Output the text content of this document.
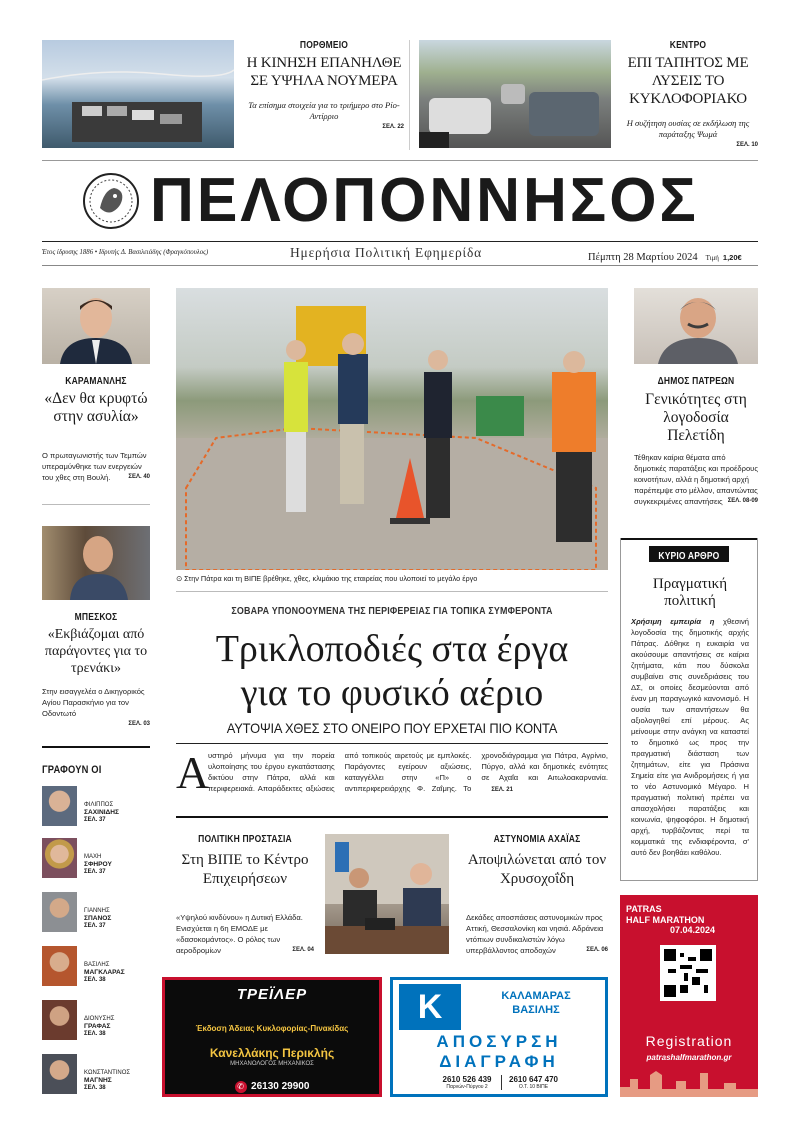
ΠΟΡΘΜΕΙΟ
Η ΚΙΝΗΣΗ ΕΠΑΝΗΛΘΕ ΣΕ ΥΨΗΛΑ ΝΟΥΜΕΡΑ
Τα επίσημα στοιχεία για το τριήμερο στο Ρίο-Αντίρριο
ΣΕΛ. 22
ΚΕΝΤΡΟ
ΕΠΙ ΤΑΠΗΤΟΣ ΜΕ ΛΥΣΕΙΣ ΤΟ ΚΥΚΛΟΦΟΡΙΑΚΟ
Η συζήτηση ουσίας σε εκδήλωση της παράταξης Ψωμά
ΣΕΛ. 10
ΠΕΛΟΠΟΝΝΗΣΟΣ
Έτος ίδρυσης 1886 • Ιδρυτής Δ. Βασιλειάδης (Φραγκόπουλος)	Ημερήσια Πολιτική Εφημερίδα	Πέμπτη 28 Μαρτίου 2024 Τιμή 1,20€
ΚΑΡΑΜΑΝΛΗΣ
«Δεν θα κρυφτώ στην ασυλία»
Ο πρωταγωνιστής των Τεμπών υπεραμύνθηκε των ενεργειών του χθες στη Βουλή.	ΣΕΛ. 40
ΜΠΕΣΚΟΣ
«Εκβιάζομαι από παράγοντες για το τρενάκι»
Στην εισαγγελέα ο Δικηγορικός Αγίου Παρασκήνιο για τον Οδοντωτό
ΣΕΛ. 03
ΓΡΑΦΟΥΝ ΟΙ
ΦΙΛΙΠΠΟΣ
ΣΑΧΙΝΙΔΗΣ
ΣΕΛ. 37
ΜΑΧΗ
ΣΦΗΡΟΥ
ΣΕΛ. 37
ΓΙΑΝΝΗΣ
ΣΠΑΝΟΣ
ΣΕΛ. 37
ΒΑΣΙΛΗΣ
ΜΑΓΚΛΑΡΑΣ
ΣΕΛ. 38
ΔΙΟΝΥΣΗΣ
ΓΡΑΦΑΣ
ΣΕΛ. 38
ΚΩΝΣΤΑΝΤΙΝΟΣ
ΜΑΓΝΗΣ
ΣΕΛ. 38
⊙ Στην Πάτρα και τη ΒΙΠΕ βρέθηκε, χθες, κλιμάκιο της εταιρείας που υλοποιεί το μεγάλο έργο
ΣΟΒΑΡΑ ΥΠΟΝΟΟΥΜΕΝΑ ΤΗΣ ΠΕΡΙΦΕΡΕΙΑΣ ΓΙΑ ΤΟΠΙΚΑ ΣΥΜΦΕΡΟΝΤΑ
Τρικλοποδιές στα έργα
για το φυσικό αέριο
ΑΥΤΟΨΙΑ ΧΘΕΣ ΣΤΟ ΟΝΕΙΡΟ ΠΟΥ ΕΡΧΕΤΑΙ ΠΙΟ ΚΟΝΤΑ
Α
υστηρό μήνυμα για την πορεία υλοποίησης του έργου εγκατάστασης δικτύου στην Πάτρα, αλλά και περιφερειακά. Απαράδεκτες αξιώσεις από τοπικούς αιρετούς με εμπλοκές. Παράγοντες εγείρουν αξιώσεις, καταγγέλλει στην «Π» ο αντιπεριφερειάρχης Φ. Ζαΐμης. Το χρονοδιάγραμμα για Πάτρα, Αγρίνιο, Πύργο, αλλά και δημοτικές ενότητες σε Αχαΐα και Αιτωλοακαρνανία. ΣΕΛ. 21
ΠΟΛΙΤΙΚΗ ΠΡΟΣΤΑΣΙΑ
Στη ΒΙΠΕ το Κέντρο Επιχειρήσεων
«Υψηλού κινδύνου» η Δυτική Ελλάδα. Ενισχύεται η 6η ΕΜΟΔΕ με «δασοκομάντος». Ο ρόλος των αεροδρομίων	ΣΕΛ. 04
ΑΣΤΥΝΟΜΙΑ ΑΧΑΪΑΣ
Αποψιλώνεται από τον Χρυσοχοΐδη
Δεκάδες αποσπάσεις αστυνομικών προς Αττική, Θεσσαλονίκη και νησιά. Αδράνεια ντόπιων συνδικαλιστών λόγω υπερβάλλοντος αποδοχών	ΣΕΛ. 06
ΔΗΜΟΣ ΠΑΤΡΕΩΝ
Γενικότητες στη λογοδοσία Πελετίδη
Τέθηκαν καίρια θέματα από δημοτικές παρατάξεις και προέδρους κοινοτήτων, αλλά η δημοτική αρχή παρέπεμψε στο μέλλον, απαντώντας συγκεκριμένες απαντήσεις ΣΕΛ. 08-09
ΚΥΡΙΟ ΑΡΘΡΟ
Πραγματική πολιτική
Χρήσιμη εμπειρία η χθεσινή λογοδοσία της δημοτικής αρχής Πάτρας. Δόθηκε η ευκαιρία να ακούσουμε απαντήσεις σε καίρια ζητήματα, κάτι που δύσκολα συμβαίνει στις συνεδριάσεις του ΔΣ, οι οποίες δεσμεύονται από έναν μη παραγωγικό κανονισμό. Η ουσία των απαντήσεων θα αξιολογηθεί επί μέρους. Ας μείνουμε στην ανάγκη να καταστεί το δημοτικό ως προς την πραγματική διάσταση των ζητημάτων, είτε για Πράσινα Σημεία είτε για Ανιδρομήσεις ή για το νέο Αστυνομικό Μέγαρο. Η πραγματική πολιτική πρέπει να απασχολήσει παρατάξεις και κοινωνία, ψηφοφόροι. Η δημοτική αρχή, τυρβάζοντας περί τα κομματικά της ενδιαφέροντα, σ' αυτό δεν βοηθάει καθόλου.
ΤΡΕΪΛΕΡ
Έκδοση Άδειας Κυκλοφορίας-Πινακίδας
Κανελλάκης Περικλής
ΜΗΧΑΝΟΛΟΓΟΣ ΜΗΧΑΝΙΚΟΣ
✆ 26130 29900
K	ΚΑΛΑΜΑΡΑΣ
ΒΑΣΙΛΗΣ
ΑΠΟΣΥΡΣΗ
ΔΙΑΓΡΑΦΗ
2610 526 439
Παρνών-Πύργου 2
2610 647 470
Ο.Τ. 10 ΒΙΠΕ
PATRAS
HALF MARATHON
07.04.2024
Registration
patrashalfmarathon.gr
